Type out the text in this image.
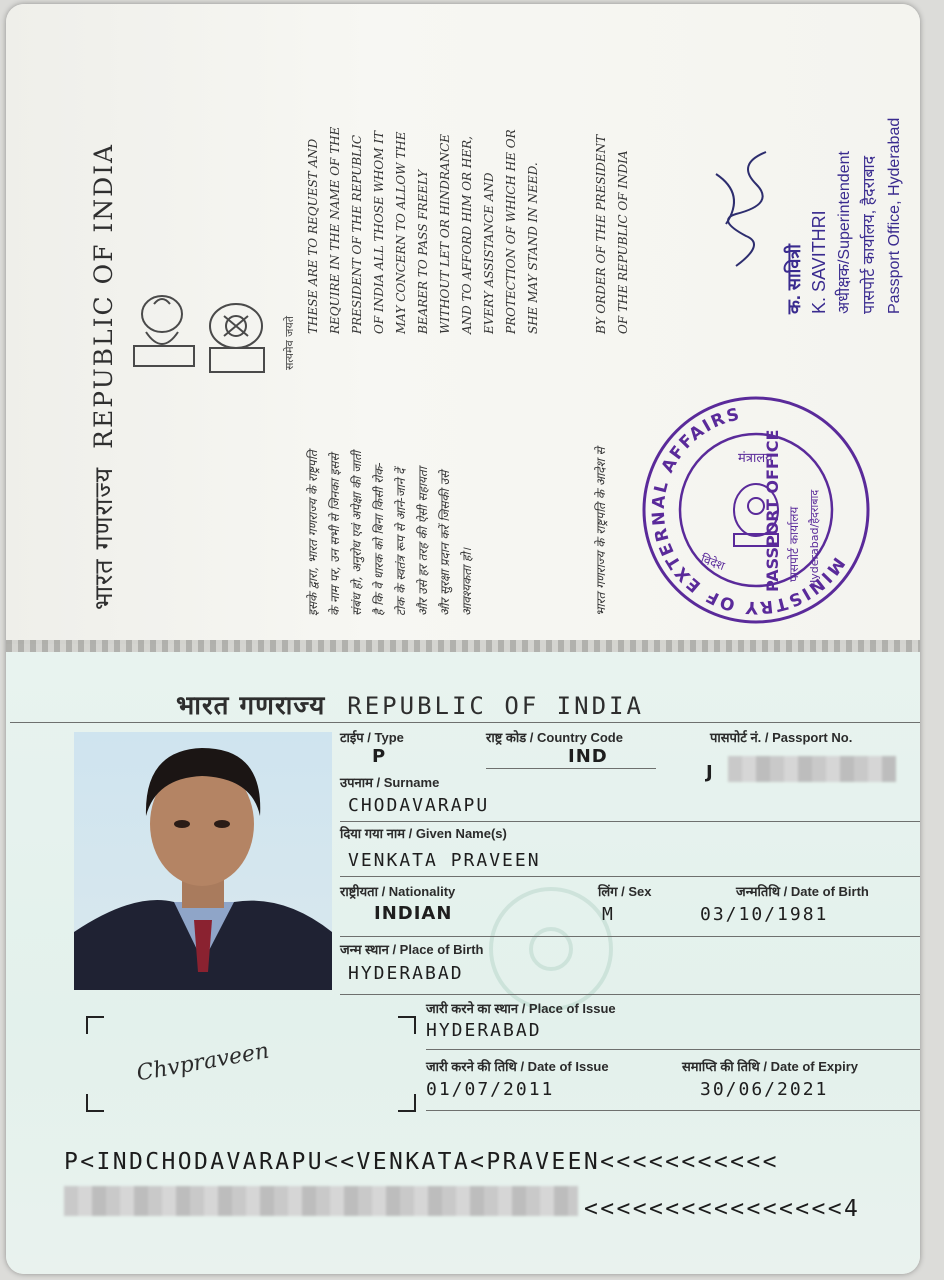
भारत गणराज्यREPUBLIC OF INDIA	सत्यमेव जयते
इसके द्वारा, भारत गणराज्य के राष्ट्रपति के नाम पर, उन सभी से जिनका इससे संबंध हो, अनुरोध एवं अपेक्षा की जाती है कि वे धारक को बिना किसी रोक- टोक के स्वतंत्र रूप से आने-जाने दें और उसे हर तरह की ऐसी सहायता और सुरक्षा प्रदान करें जिसकी उसे आवश्यकता हो।
THESE ARE TO REQUEST AND REQUIRE IN THE NAME OF THE PRESIDENT OF THE REPUBLIC OF INDIA ALL THOSE WHOM IT MAY CONCERN TO ALLOW THE BEARER TO PASS FREELY WITHOUT LET OR HINDRANCE AND TO AFFORD HIM OR HER, EVERY ASSISTANCE AND PROTECTION OF WHICH HE OR SHE MAY STAND IN NEED.
भारत गणराज्य के राष्ट्रपति के आदेश से
BY ORDER OF THE PRESIDENT OF THE REPUBLIC OF INDIA	क. सावित्री K. SAVITHRI अधीक्षक/Superintendent पासपोर्ट कार्यालय, हैदराबाद Passport Office, Hyderabad
MINISTRY OF EXTERNAL AFFAIRS
मंत्रालय
PASSPORT OFFICE पासपोर्ट कार्यालय Hyderabad/हैदराबाद
विदेश
भारत गणराज्य REPUBLIC OF INDIA
टाईप / Type
P
राष्ट्र कोड / Country Code
IND
पासपोर्ट नं. / Passport No.
J
उपनाम / Surname
CHODAVARAPU
दिया गया नाम / Given Name(s)
VENKATA PRAVEEN
राष्ट्रीयता / Nationality
INDIAN
लिंग / Sex
M
जन्मतिथि / Date of Birth
03/10/1981
जन्म स्थान / Place of Birth
HYDERABAD
जारी करने का स्थान / Place of Issue
HYDERABAD
जारी करने की तिथि / Date of Issue
01/07/2011
समाप्ति की तिथि / Date of Expiry
30/06/2021
Chvpraveen
P<INDCHODAVARAPU<<VENKATA<PRAVEEN<<<<<<<<<<<
<<<<<<<<<<<<<<<<4
